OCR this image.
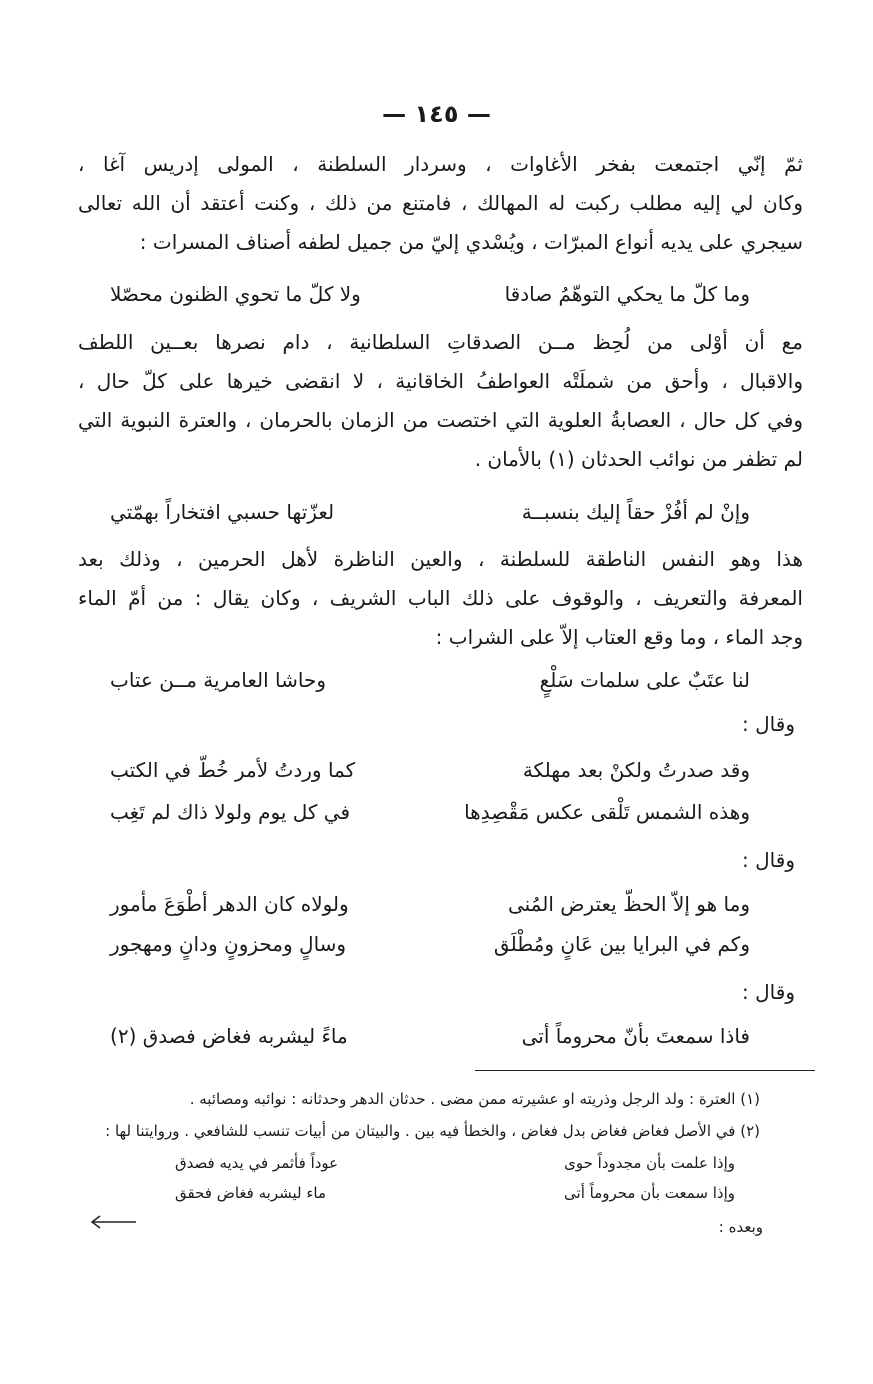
— ١٤٥ —
ثمّ إنّي اجتمعت بفخر الأغاوات ، وسردار السلطنة ، المولى إدريس آغا ،
وكان لي إليه مطلب ركبت له المهالك ، فامتنع من ذلك ، وكنت أعتقد أن الله تعالى
سيجري على يديه أنواع المبرّات ، ويُسْدي إليّ من جميل لطفه أصناف المسرات :
وما كلّ ما يحكي التوهّمُ صادقا
ولا كلّ ما تحوي الظنون محصّلا
مع أن أوْلى من لُحِظ مــن الصدقاتِ السلطانية ، دام نصرها بعــين اللطف
والاقبال ، وأحق من شملَتْه العواطفُ الخاقانية ، لا انقضى خيرها على كلّ حال ،
وفي كل حال ، العصابةُ العلوية التي اختصت من الزمان بالحرمان ، والعترة النبوية التي
لم تظفر من نوائب الحدثان (١) بالأمان .
وإنْ لم أفُزْ حقاً إليك بنسبــة
لعزّتها حسبي افتخاراً بهمّتي
هذا وهو النفس الناطقة للسلطنة ، والعين الناظرة لأهل الحرمين ، وذلك بعد
المعرفة والتعريف ، والوقوف على ذلك الباب الشريف ، وكان يقال : من أمّ الماء
وجد الماء ، وما وقع العتاب إلاّ على الشراب :
لنا عتَبٌ على سلمات سَلْعٍ
وحاشا العامرية مــن عتاب
وقال :
وقد صدرتُ ولكنْ بعد مهلكة
كما وردتُ لأمر خُطّ في الكتب
وهذه الشمس تَلْقى عكس مَقْصِدِها
في كل يوم ولولا ذاك لم تَغِب
وقال :
وما هو إلاّ الحظّ يعترض المُنى
ولولاه كان الدهر أطْوَعَ مأمور
وكم في البرايا بين عَانٍ ومُطْلَق
وسالٍ ومحزونٍ ودانٍ ومهجور
وقال :
فاذا سمعتَ بأنّ محروماً أتى
ماءً ليشربه فغاض فصدق (٢)
(١) العترة : ولد الرجل وذريته او عشيرته ممن مضى . حدثان الدهر وحدثانه : نوائبه ومصائبه .
(٢) في الأصل فغاض فغاض بدل فغاض ، والخطأ فيه بين . والبيتان من أبيات تنسب للشافعي . وروايتنا لها :
وإذا علمت بأن مجدوداً حوى
عوداً فأثمر في يديه فصدق
وإذا سمعت بأن محروماً أتى
ماء ليشربه فغاض فحقق
وبعده :
